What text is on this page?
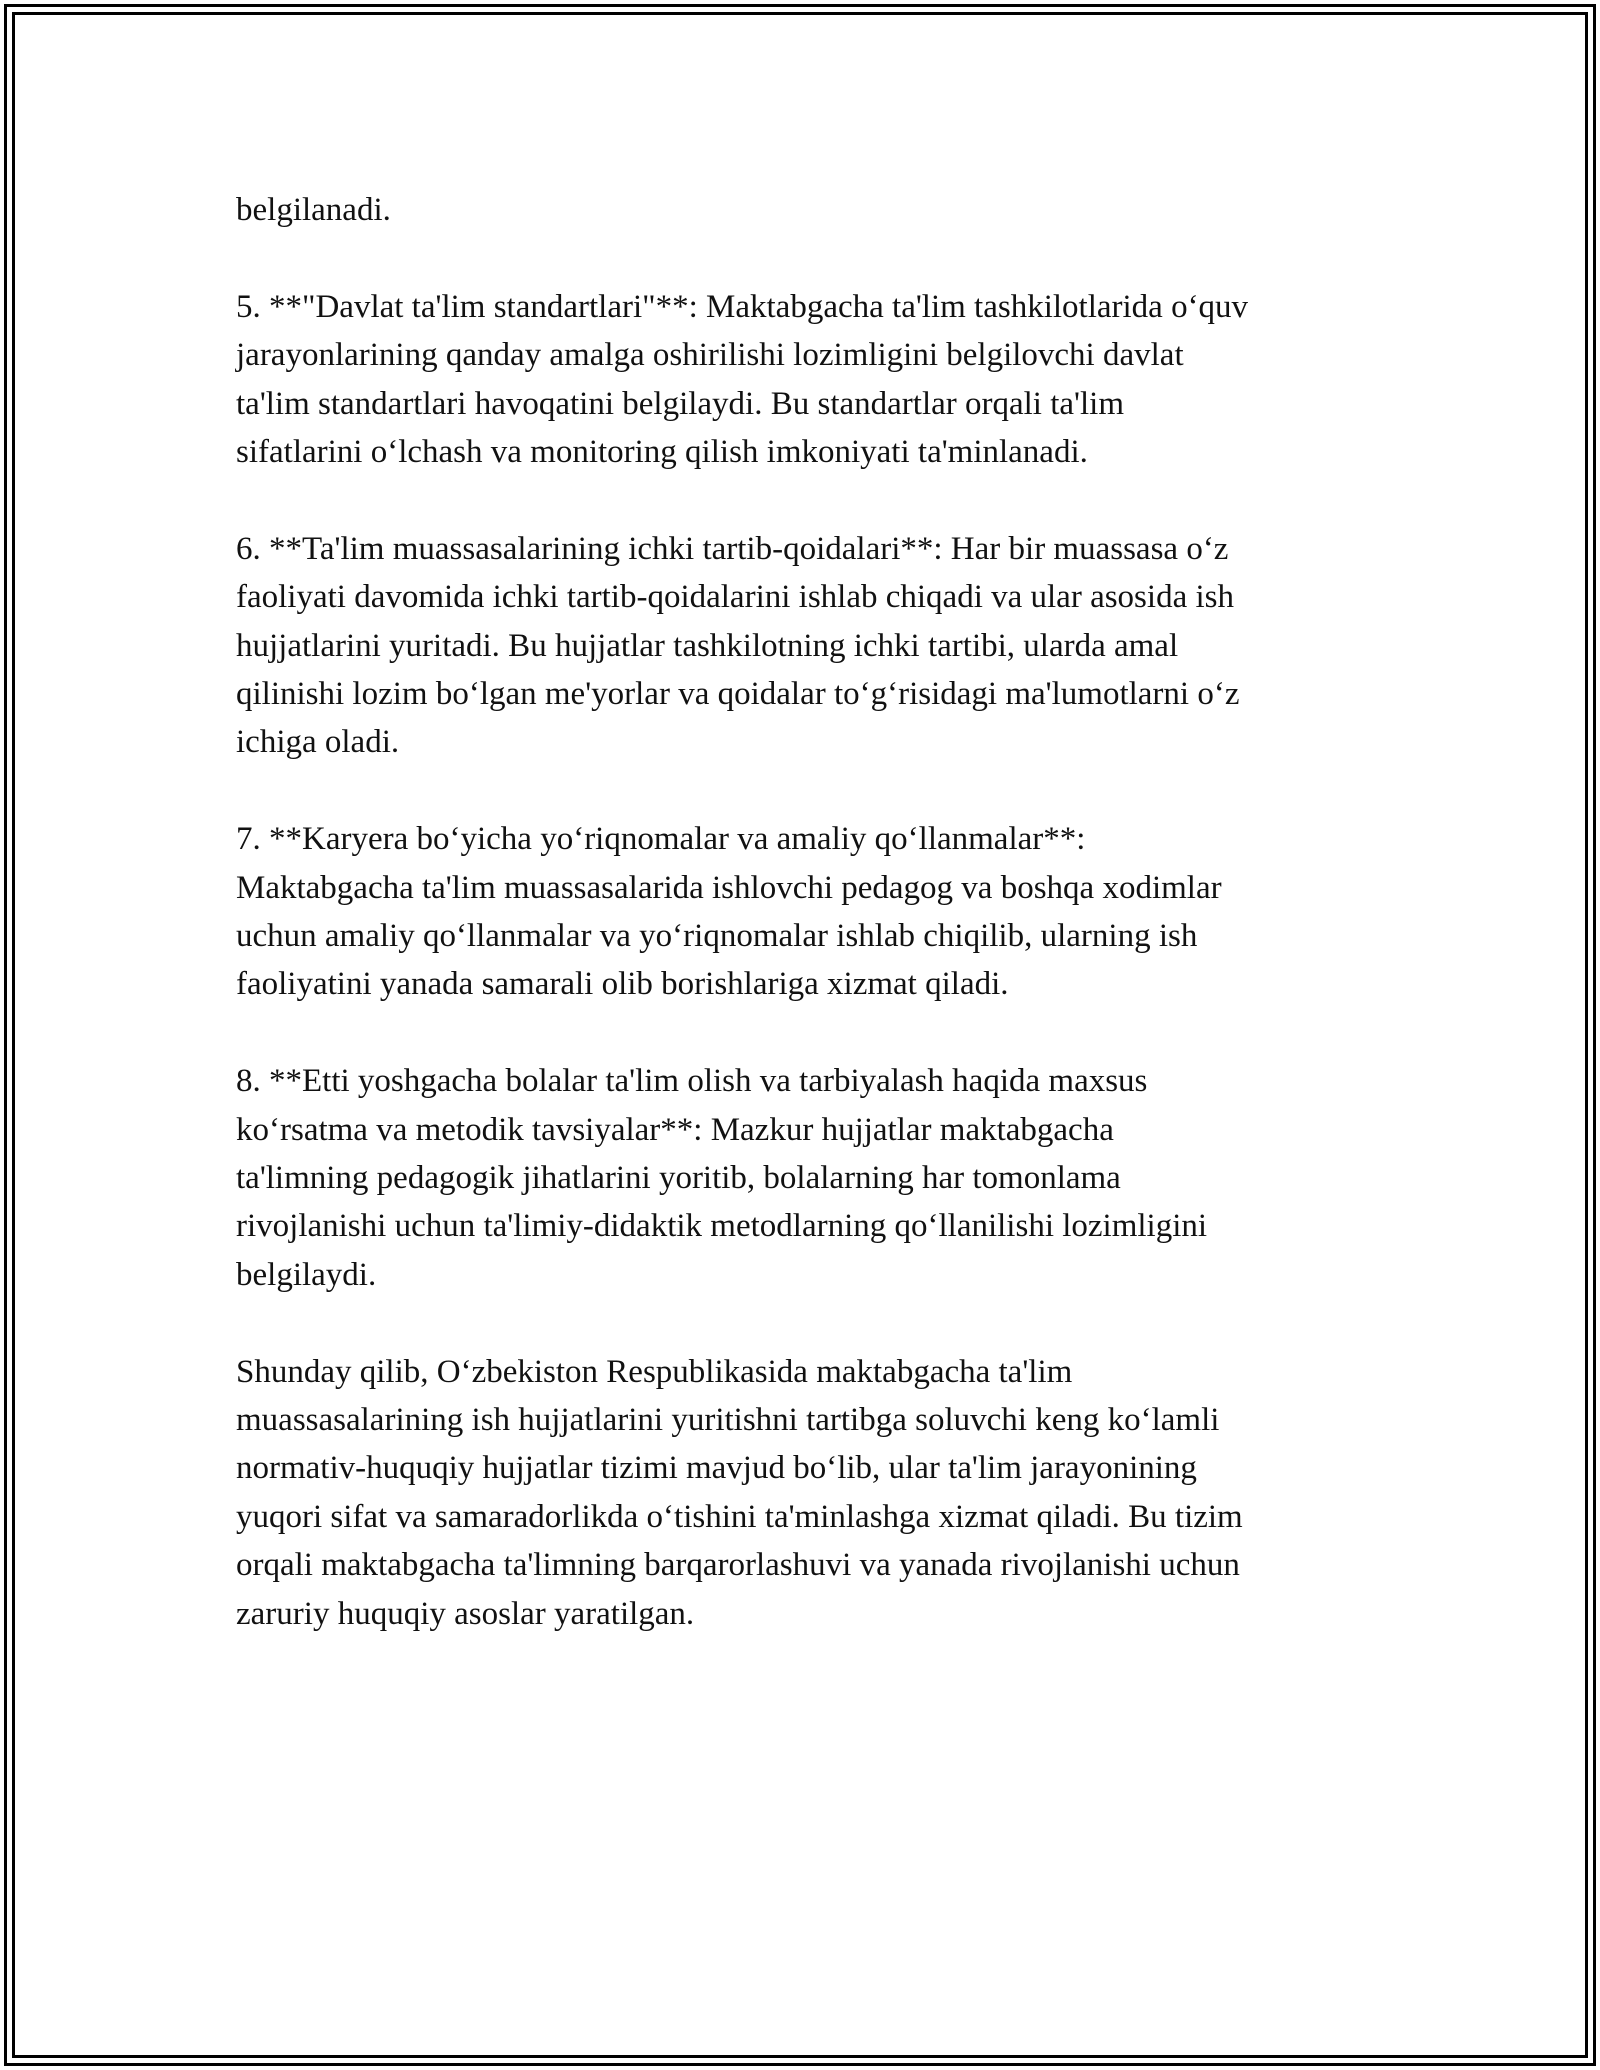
belgilanadi.

5. **"Davlat ta'lim standartlari"**: Maktabgacha ta'lim tashkilotlarida o‘quv
jarayonlarining qanday amalga oshirilishi lozimligini belgilovchi davlat
ta'lim standartlari havoqatini belgilaydi. Bu standartlar orqali ta'lim
sifatlarini o‘lchash va monitoring qilish imkoniyati ta'minlanadi.

6. **Ta'lim muassasalarining ichki tartib-qoidalari**: Har bir muassasa o‘z
faoliyati davomida ichki tartib-qoidalarini ishlab chiqadi va ular asosida ish
hujjatlarini yuritadi. Bu hujjatlar tashkilotning ichki tartibi, ularda amal
qilinishi lozim bo‘lgan me'yorlar va qoidalar to‘g‘risidagi ma'lumotlarni o‘z
ichiga oladi.

7. **Karyera bo‘yicha yo‘riqnomalar va amaliy qo‘llanmalar**:
Maktabgacha ta'lim muassasalarida ishlovchi pedagog va boshqa xodimlar
uchun amaliy qo‘llanmalar va yo‘riqnomalar ishlab chiqilib, ularning ish
faoliyatini yanada samarali olib borishlariga xizmat qiladi.

8. **Etti yoshgacha bolalar ta'lim olish va tarbiyalash haqida maxsus
ko‘rsatma va metodik tavsiyalar**: Mazkur hujjatlar maktabgacha
ta'limning pedagogik jihatlarini yoritib, bolalarning har tomonlama
rivojlanishi uchun ta'limiy-didaktik metodlarning qo‘llanilishi lozimligini
belgilaydi.

Shunday qilib, O‘zbekiston Respublikasida maktabgacha ta'lim
muassasalarining ish hujjatlarini yuritishni tartibga soluvchi keng ko‘lamli
normativ-huquqiy hujjatlar tizimi mavjud bo‘lib, ular ta'lim jarayonining
yuqori sifat va samaradorlikda o‘tishini ta'minlashga xizmat qiladi. Bu tizim
orqali maktabgacha ta'limning barqarorlashuvi va yanada rivojlanishi uchun
zaruriy huquqiy asoslar yaratilgan.
